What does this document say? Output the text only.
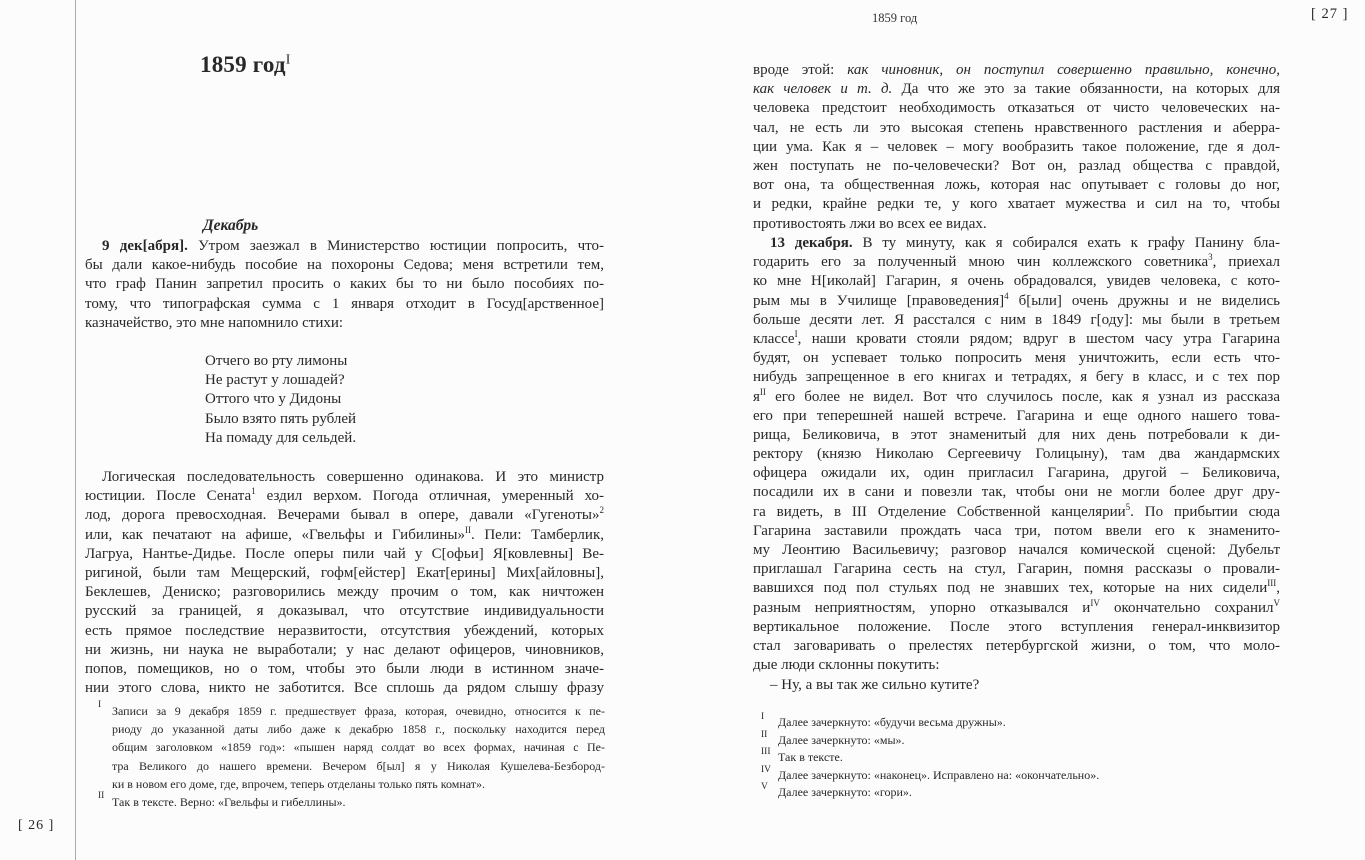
1859 год	[ 27 ]
[ 26 ]
1859 год$^I$
Декабрь
9 дек[абря]. Утром заезжал в Министерство юстиции попросить, что-
бы дали какое-нибудь пособие на похороны Седова; меня встретили тем,
что граф Панин запретил просить о каких бы то ни было пособиях по-
тому, что типографская сумма с 1 января отходит в Госуд[арственное]
казначейство, это мне напомнило стихи:
Отчего во рту лимоны
Не растут у лошадей?
Оттого что у Дидоны
Было взято пять рублей
На помаду для сельдей.
Логическая последовательность совершенно одинакова. И это министр
юстиции. После Сената$^1$ ездил верхом. Погода отличная, умеренный хо-
лод, дорога превосходная. Вечерами бывал в опере, давали «Гугеноты»$^2$
или, как печатают на афише, «Гвельфы и Гибилины»$^{II}$. Пели: Тамберлик,
Лагруа, Нантье-Дидье. После оперы пили чай у С[офьи] Я[ковлевны] Ве-
ригиной, были там Мещерский, гофм[ейстер] Екат[ерины] Мих[айловны],
Беклешев, Дениско; разговорились между прочим о том, как ничтожен
русский за границей, я доказывал, что отсутствие индивидуальности
есть прямое последствие неразвитости, отсутствия убеждений, которых
ни жизнь, ни наука не выработали; у нас делают офицеров, чиновников,
попов, помещиков, но о том, чтобы это были люди в истинном значе-
нии этого слова, никто не заботится. Все сплошь да рядом слышу фразу
I Записи за 9 декабря 1859 г. предшествует фраза, которая, очевидно, относится к пе-
риоду до указанной даты либо даже к декабрю 1858 г., поскольку находится перед
общим заголовком «1859 год»: «пышен наряд солдат во всех формах, начиная с Пе-
тра Великого до нашего времени. Вечером б[ыл] я у Николая Кушелева-Безбород-
ки в новом его доме, где, впрочем, теперь отделаны только пять комнат».
II Так в тексте. Верно: «Гвельфы и гибеллины».
вроде этой: как чиновник, он поступил совершенно правильно, конечно,
как человек и т. д. Да что же это за такие обязанности, на которых для
человека предстоит необходимость отказаться от чисто человеческих на-
чал, не есть ли это высокая степень нравственного растления и аберра-
ции ума. Как я – человек – могу вообразить такое положение, где я дол-
жен поступать не по-человечески? Вот он, разлад общества с правдой,
вот она, та общественная ложь, которая нас опутывает с головы до ног,
и редки, крайне редки те, у кого хватает мужества и сил на то, чтобы
противостоять лжи во всех ее видах.
13 декабря. В ту минуту, как я собирался ехать к графу Панину бла-
годарить его за полученный мною чин коллежского советника$^3$, приехал
ко мне Н[иколай] Гагарин, я очень обрадовался, увидев человека, с кото-
рым мы в Училище [правоведения]$^4$ б[ыли] очень дружны и не виделись
больше десяти лет. Я расстался с ним в 1849 г[оду]: мы были в третьем
классе$^I$, наши кровати стояли рядом; вдруг в шестом часу утра Гагарина
будят, он успевает только попросить меня уничтожить, если есть что-
нибудь запрещенное в его книгах и тетрадях, я бегу в класс, и с тех пор
$я^{II}$ его более не видел. Вот что случилось после, как я узнал из рассказа
его при теперешней нашей встрече. Гагарина и еще одного нашего това-
рища, Беликовича, в этот знаменитый для них день потребовали к ди-
ректору (князю Николаю Сергеевичу Голицыну), там два жандармских
офицера ожидали их, один пригласил Гагарина, другой – Беликовича,
посадили их в сани и повезли так, чтобы они не могли более друг дру-
га видеть, в III Отделение Собственной канцелярии$^5$. По прибытии сюда
Гагарина заставили прождать часа три, потом ввели его к знаменито-
му Леонтию Васильевичу; разговор начался комической сценой: Дубельт
приглашал Гагарина сесть на стул, Гагарин, помня рассказы о провали-
вавшихся под пол стульях под не знавших тех, которые на них сидели$^{III}$,
разным неприятностям, упорно отказывался $и^{IV}$ окончательно сохранил$^V$
вертикальное положение. После этого вступления генерал-инквизитор
стал заговаривать о прелестях петербургской жизни, о том, что моло-
дые люди склонны покутить:
– Ну, а вы так же сильно кутите?
I	Далее зачеркнуто: «будучи весьма дружны».
II Далее зачеркнуто: «мы».
III Так в тексте.
IV Далее зачеркнуто: «наконец». Исправлено на: «окончательно».
V Далее зачеркнуто: «гори».
